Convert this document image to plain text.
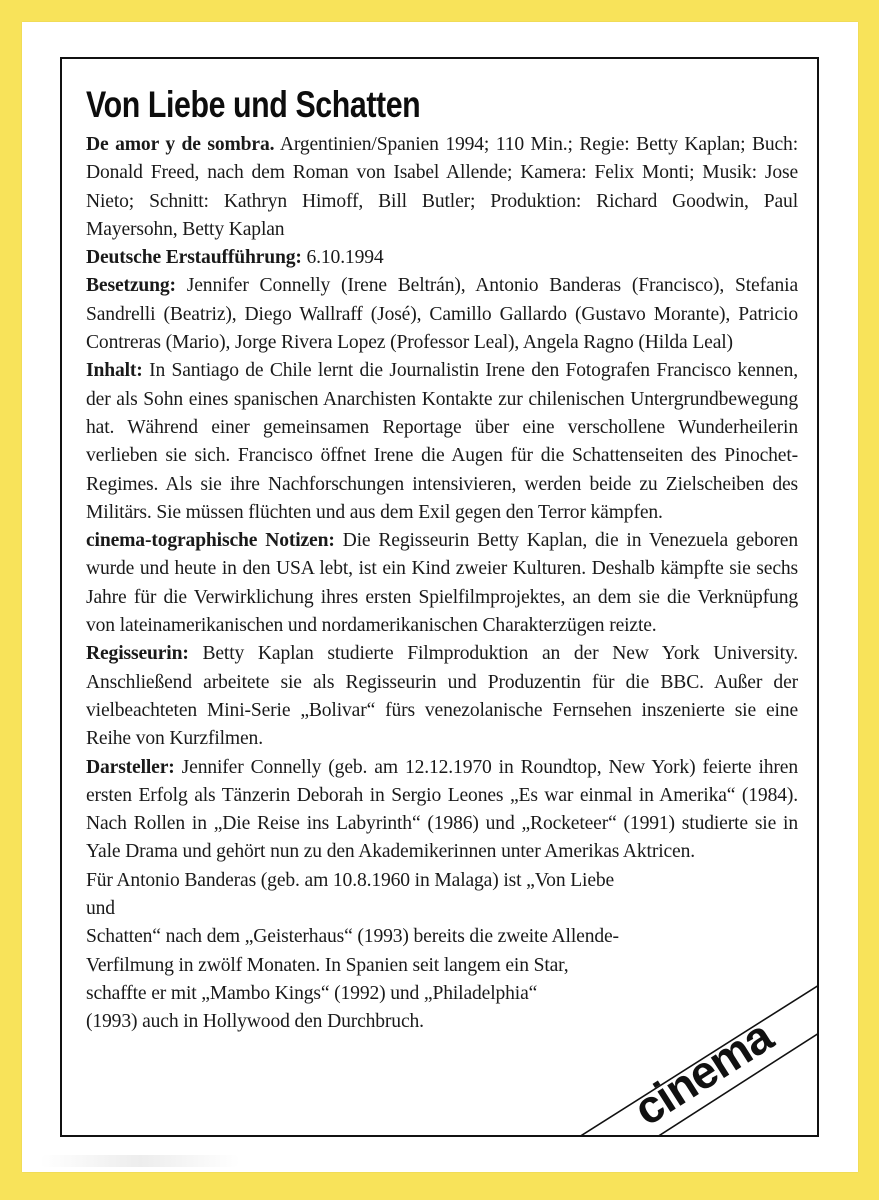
Von Liebe und Schatten

De amor y de sombra. Argentinien/Spanien 1994; 110 Min.; Regie: Betty Kaplan; Buch: Donald Freed, nach dem Roman von Isabel Allende; Kamera: Felix Monti; Musik: Jose Nieto; Schnitt: Kathryn Himoff, Bill Butler; Produktion: Richard Goodwin, Paul Mayersohn, Betty Kaplan

Deutsche Erstaufführung: 6.10.1994

Besetzung: Jennifer Connelly (Irene Beltrán), Antonio Banderas (Francisco), Stefania Sandrelli (Beatriz), Diego Wallraff (José), Camillo Gallardo (Gustavo Morante), Patricio Contreras (Mario), Jorge Rivera Lopez (Professor Leal), Angela Ragno (Hilda Leal)

Inhalt: In Santiago de Chile lernt die Journalistin Irene den Fotografen Francisco kennen, der als Sohn eines spanischen Anarchisten Kontakte zur chilenischen Untergrundbewegung hat. Während einer gemeinsamen Reportage über eine verschollene Wunderheilerin verlieben sie sich. Francisco öffnet Irene die Augen für die Schattenseiten des Pinochet-Regimes. Als sie ihre Nachforschungen intensivieren, werden beide zu Zielscheiben des Militärs. Sie müssen flüchten und aus dem Exil gegen den Terror kämpfen.

cinema-tographische Notizen: Die Regisseurin Betty Kaplan, die in Venezuela geboren wurde und heute in den USA lebt, ist ein Kind zweier Kulturen. Deshalb kämpfte sie sechs Jahre für die Verwirklichung ihres ersten Spielfilmprojektes, an dem sie die Verknüpfung von lateinamerikanischen und nordamerikanischen Charakterzügen reizte.

Regisseurin: Betty Kaplan studierte Filmproduktion an der New York University. Anschließend arbeitete sie als Regisseurin und Produzentin für die BBC. Außer der vielbeachteten Mini-Serie „Bolivar“ fürs venezolanische Fernsehen inszenierte sie eine Reihe von Kurzfilmen.

Darsteller: Jennifer Connelly (geb. am 12.12.1970 in Roundtop, New York) feierte ihren ersten Erfolg als Tänzerin Deborah in Sergio Leones „Es war einmal in Amerika“ (1984). Nach Rollen in „Die Reise ins Labyrinth“ (1986) und „Rocketeer“ (1991) studierte sie in Yale Drama und gehört nun zu den Akademikerinnen unter Amerikas Aktricen.

Für Antonio Banderas (geb. am 10.8.1960 in Malaga) ist „Von Liebe und
Schatten“ nach dem „Geisterhaus“ (1993) bereits die zweite Allende-
Verfilmung in zwölf Monaten. In Spanien seit langem ein Star,
schaffte er mit „Mambo Kings“ (1992) und „Philadelphia“
(1993) auch in Hollywood den Durchbruch.	cinema
